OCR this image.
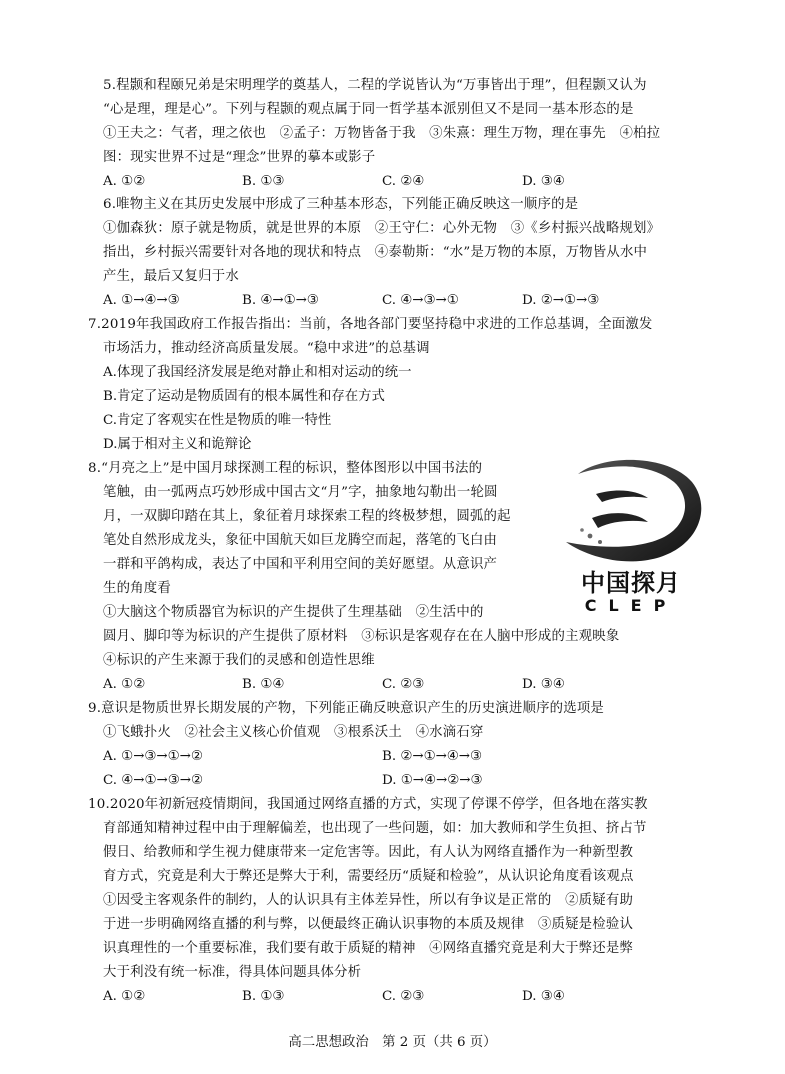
5.程颢和程颐兄弟是宋明理学的奠基人，二程的学说皆认为“万事皆出于理”，但程颢又认为
“心是理，理是心”。下列与程颢的观点属于同一哲学基本派别但又不是同一基本形态的是
①王夫之：气者，理之依也　②孟子：万物皆备于我　③朱熹：理生万物，理在事先　④柏拉
图：现实世界不过是“理念”世界的摹本或影子
A. ①②	B. ①③	C. ②④	D. ③④
6.唯物主义在其历史发展中形成了三种基本形态，下列能正确反映这一顺序的是
①伽森狄：原子就是物质，就是世界的本原　②王守仁：心外无物　③《乡村振兴战略规划》
指出，乡村振兴需要针对各地的现状和特点　④泰勒斯：“水”是万物的本原，万物皆从水中
产生，最后又复归于水
A. ①→④→③	B. ④→①→③	C. ④→③→①	D. ②→①→③
7.2019年我国政府工作报告指出：当前，各地各部门要坚持稳中求进的工作总基调，全面激发
市场活力，推动经济高质量发展。“稳中求进”的总基调
A.体现了我国经济发展是绝对静止和相对运动的统一
B.肯定了运动是物质固有的根本属性和存在方式
C.肯定了客观实在性是物质的唯一特性
D.属于相对主义和诡辩论
8.“月亮之上”是中国月球探测工程的标识，整体图形以中国书法的
笔触，由一弧两点巧妙形成中国古文“月”字，抽象地勾勒出一轮圆
月，一双脚印踏在其上，象征着月球探索工程的终极梦想，圆弧的起
笔处自然形成龙头，象征中国航天如巨龙腾空而起，落笔的飞白由
一群和平鸽构成，表达了中国和平利用空间的美好愿望。从意识产
生的角度看
①大脑这个物质器官为标识的产生提供了生理基础　②生活中的
圆月、脚印等为标识的产生提供了原材料　③标识是客观存在在人脑中形成的主观映象
④标识的产生来源于我们的灵感和创造性思维
A. ①②	B. ①④	C. ②③	D. ③④
中国探月
CLEP
9.意识是物质世界长期发展的产物，下列能正确反映意识产生的历史演进顺序的选项是
①飞蛾扑火　②社会主义核心价值观　③根系沃土　④水滴石穿
A. ①→③→①→②	B. ②→①→④→③
C. ④→①→③→②	D. ①→④→②→③
10.2020年初新冠疫情期间，我国通过网络直播的方式，实现了停课不停学，但各地在落实教
育部通知精神过程中由于理解偏差，也出现了一些问题，如：加大教师和学生负担、挤占节
假日、给教师和学生视力健康带来一定危害等。因此，有人认为网络直播作为一种新型教
育方式，究竟是利大于弊还是弊大于利，需要经历“质疑和检验”，从认识论角度看该观点
①因受主客观条件的制约，人的认识具有主体差异性，所以有争议是正常的　②质疑有助
于进一步明确网络直播的利与弊，以便最终正确认识事物的本质及规律　③质疑是检验认
识真理性的一个重要标准，我们要有敢于质疑的精神　④网络直播究竟是利大于弊还是弊
大于利没有统一标准，得具体问题具体分析
A. ①②	B. ①③	C. ②③	D. ③④
高二思想政治　第 2 页（共 6 页）
